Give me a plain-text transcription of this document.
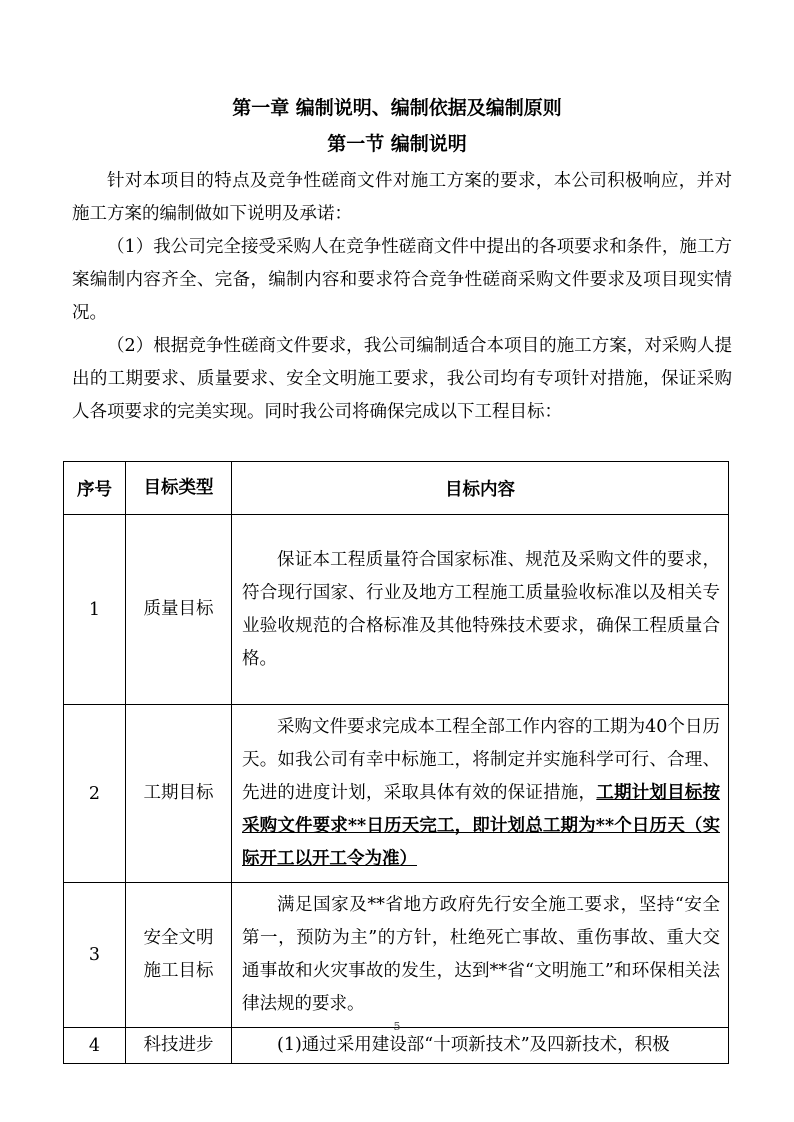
第一章 编制说明、编制依据及编制原则
第一节 编制说明

针对本项目的特点及竞争性磋商文件对施工方案的要求，本公司积极响应，并对施工方案的编制做如下说明及承诺：

（1）我公司完全接受采购人在竞争性磋商文件中提出的各项要求和条件，施工方案编制内容齐全、完备，编制内容和要求符合竞争性磋商采购文件要求及项目现实情况。

（2）根据竞争性磋商文件要求，我公司编制适合本项目的施工方案，对采购人提出的工期要求、质量要求、安全文明施工要求，我公司均有专项针对措施，保证采购人各项要求的完美实现。同时我公司将确保完成以下工程目标：

序号	目标类型	目标内容
1	质量目标	保证本工程质量符合国家标准、规范及采购文件的要求，符合现行国家、行业及地方工程施工质量验收标准以及相关专业验收规范的合格标准及其他特殊技术要求，确保工程质量合格。

2	工期目标	采购文件要求完成本工程全部工作内容的工期为40个日历天。如我公司有幸中标施工，将制定并实施科学可行、合理、先进的进度计划，采取具体有效的保证措施，工期计划目标按采购文件要求**日历天完工，即计划总工期为**个日历天（实际开工以开工令为准）

3	安全文明
施工目标	满足国家及**省地方政府先行安全施工要求，坚持“安全第一，预防为主”的方针，杜绝死亡事故、重伤事故、重大交通事故和火灾事故的发生，达到**省“文明施工”和环保相关法律法规的要求。

4	科技进步	(1)通过采用建设部“十项新技术”及四新技术，积极
5
